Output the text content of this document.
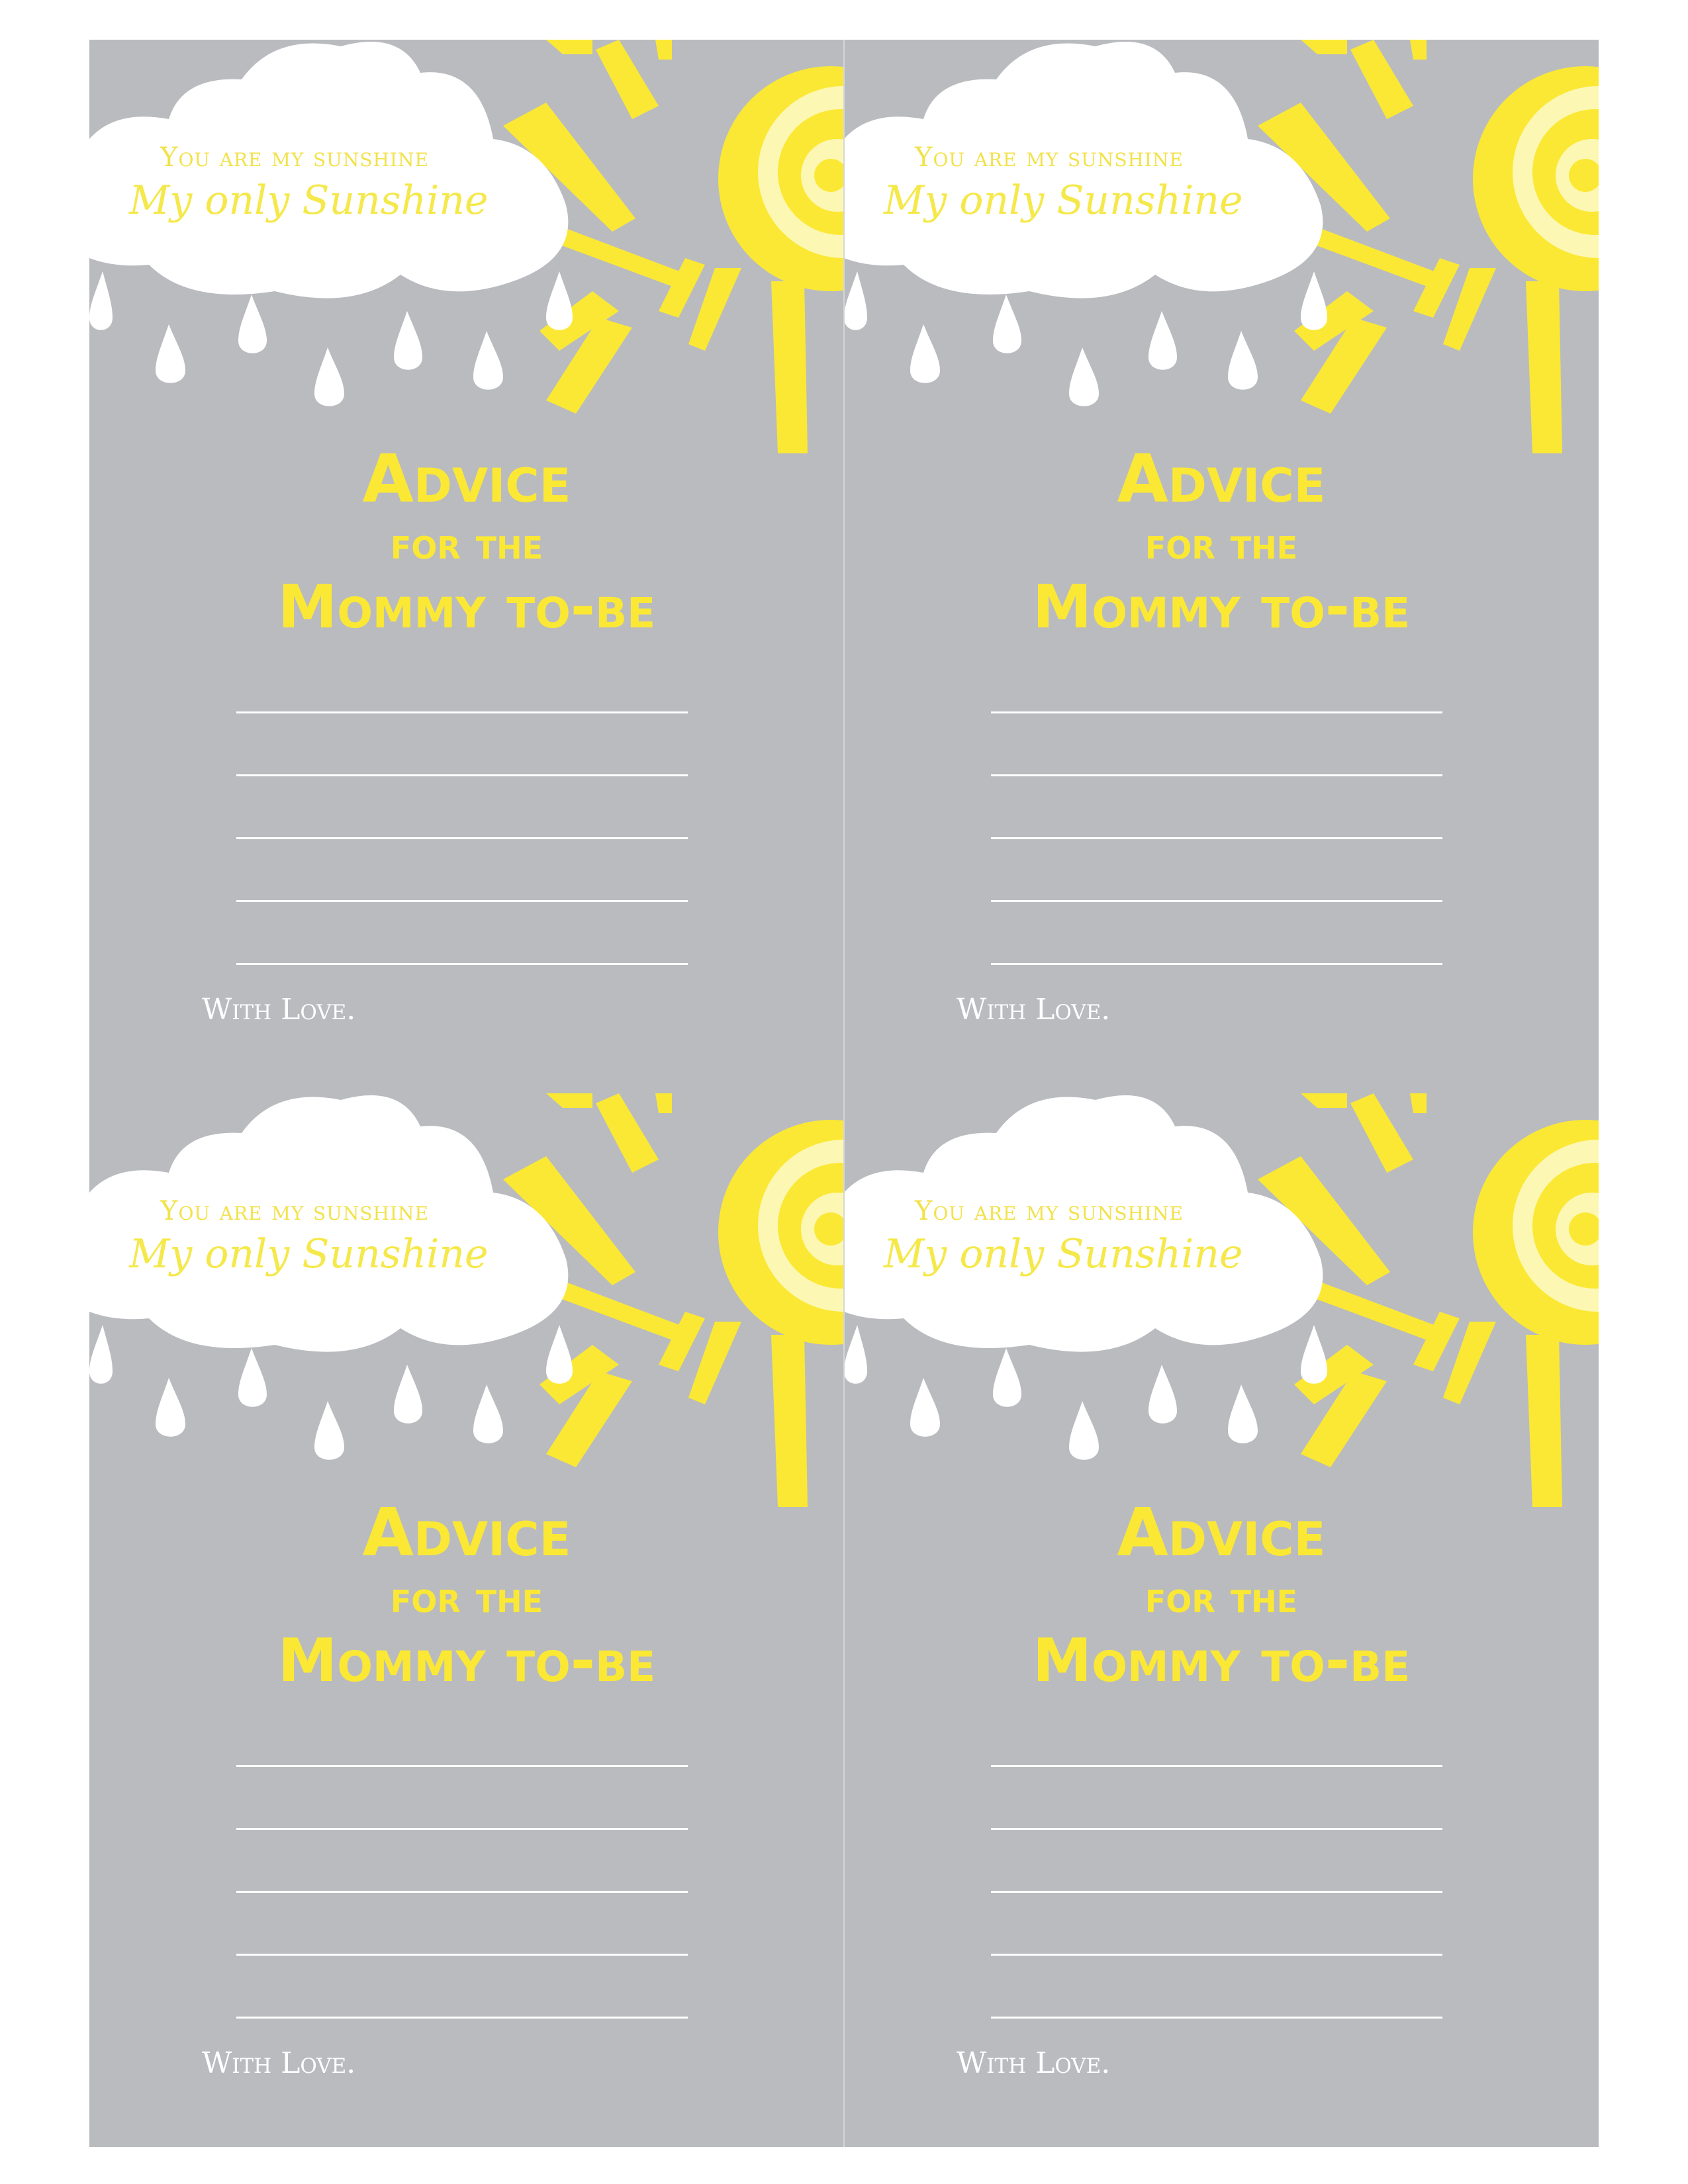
You are my sunshine

My only Sunshine

Advice

for the

Mommy to-be

With Love.

You are my sunshine

My only Sunshine

Advice

for the

Mommy to-be

With Love.

You are my sunshine

My only Sunshine

Advice

for the

Mommy to-be

With Love.

You are my sunshine

My only Sunshine

Advice

for the

Mommy to-be

With Love.
